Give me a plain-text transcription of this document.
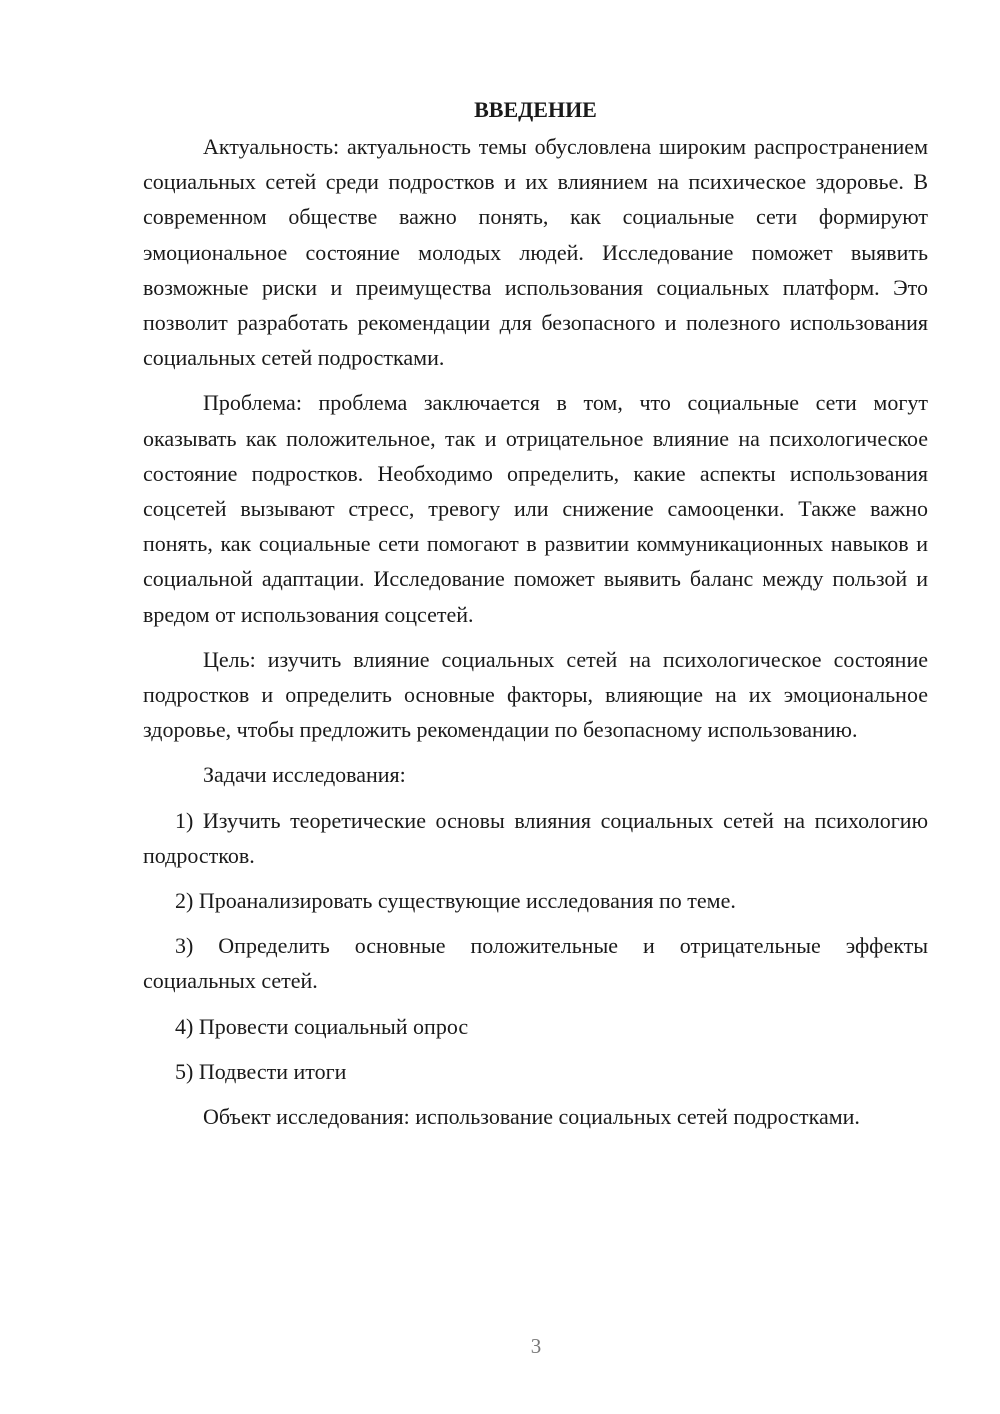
ВВЕДЕНИЕ

Актуальность: актуальность темы обусловлена широким распространением социальных сетей среди подростков и их влиянием на психическое здоровье. В современном обществе важно понять, как социальные сети формируют эмоциональное состояние молодых людей. Исследование поможет выявить возможные риски и преимущества использования социальных платформ. Это позволит разработать рекомендации для безопасного и полезного использования социальных сетей подростками.

Проблема: проблема заключается в том, что социальные сети могут оказывать как положительное, так и отрицательное влияние на психологическое состояние подростков. Необходимо определить, какие аспекты использования соцсетей вызывают стресс, тревогу или снижение самооценки. Также важно понять, как социальные сети помогают в развитии коммуникационных навыков и социальной адаптации. Исследование поможет выявить баланс между пользой и вредом от использования соцсетей.

Цель: изучить влияние социальных сетей на психологическое состояние подростков и определить основные факторы, влияющие на их эмоциональное здоровье, чтобы предложить рекомендации по безопасному использованию.

Задачи исследования:

1) Изучить теоретические основы влияния социальных сетей на психологию подростков.

2) Проанализировать существующие исследования по теме.

3) Определить основные положительные и отрицательные эффекты социальных сетей.

4) Провести социальный опрос

5) Подвести итоги

Объект исследования: использование социальных сетей подростками.

3
